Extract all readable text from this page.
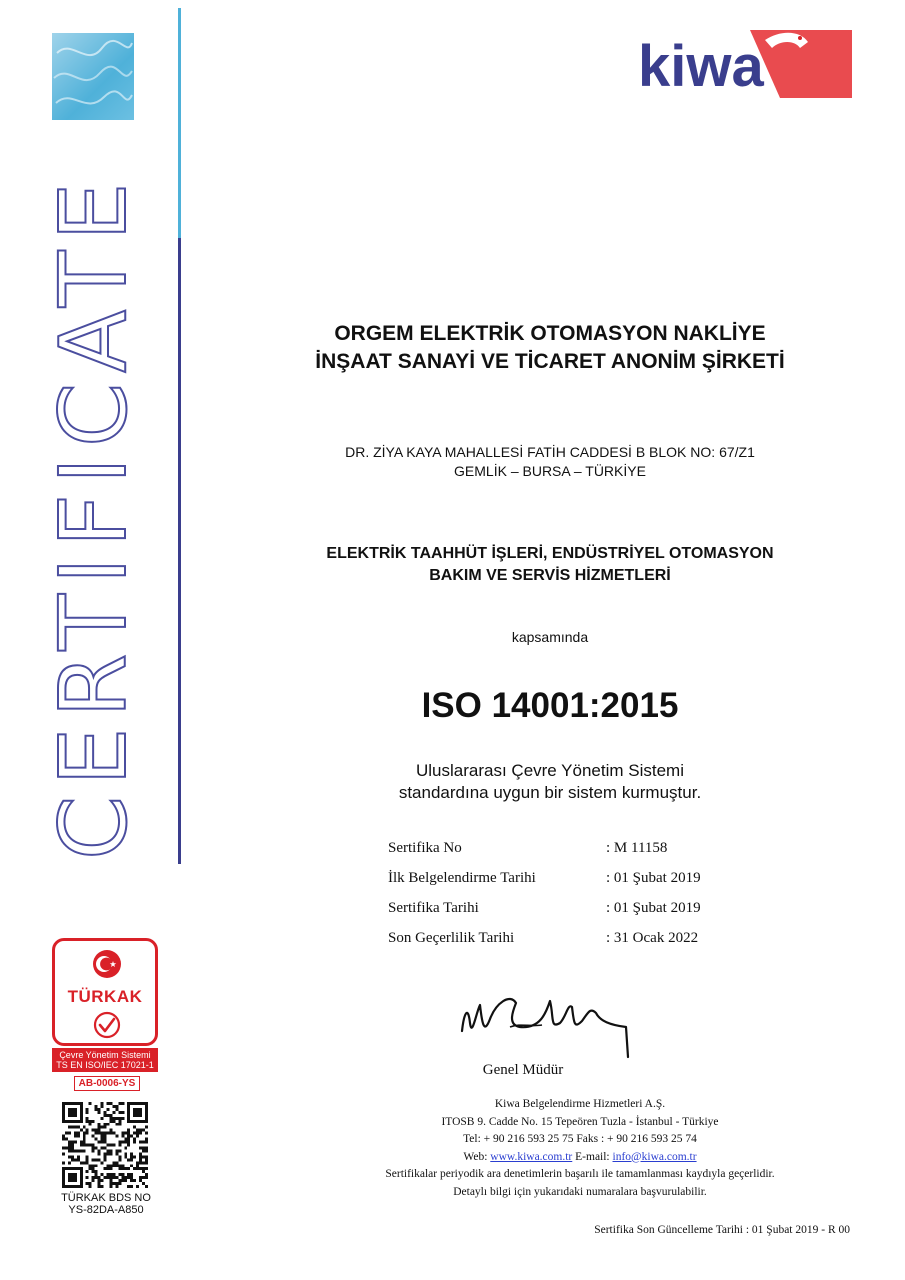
CERTIFICATE
kiwa
ORGEM ELEKTRİK OTOMASYON NAKLİYE
İNŞAAT SANAYİ VE TİCARET ANONİM ŞİRKETİ
DR. ZİYA KAYA MAHALLESİ FATİH CADDESİ B BLOK NO: 67/Z1
GEMLİK – BURSA – TÜRKİYE
ELEKTRİK TAAHHÜT İŞLERİ, ENDÜSTRİYEL OTOMASYON
BAKIM VE SERVİS HİZMETLERİ
kapsamında
ISO 14001:2015
Uluslararası Çevre Yönetim Sistemi
standardına uygun bir sistem kurmuştur.
Sertifika No	: M 11158
İlk Belgelendirme Tarihi	: 01 Şubat 2019
Sertifika Tarihi	: 01 Şubat 2019
Son Geçerlilik Tarihi	: 31 Ocak 2022
Genel Müdür
Kiwa Belgelendirme Hizmetleri A.Ş.
ITOSB 9. Cadde No. 15 Tepeören Tuzla - İstanbul - Türkiye
Tel: + 90 216 593 25 75 Faks : + 90 216 593 25 74
Web: www.kiwa.com.tr E-mail: info@kiwa.com.tr
Sertifikalar periyodik ara denetimlerin başarılı ile tamamlanması kaydıyla geçerlidir.
Detaylı bilgi için yukarıdaki numaralara başvurulabilir.
Sertifika Son Güncelleme Tarihi : 01 Şubat 2019 - R 00
TÜRKAK
Çevre Yönetim Sistemi
TS EN ISO/IEC 17021-1
AB-0006-YS
TÜRKAK BDS NO
YS-82DA-A850
